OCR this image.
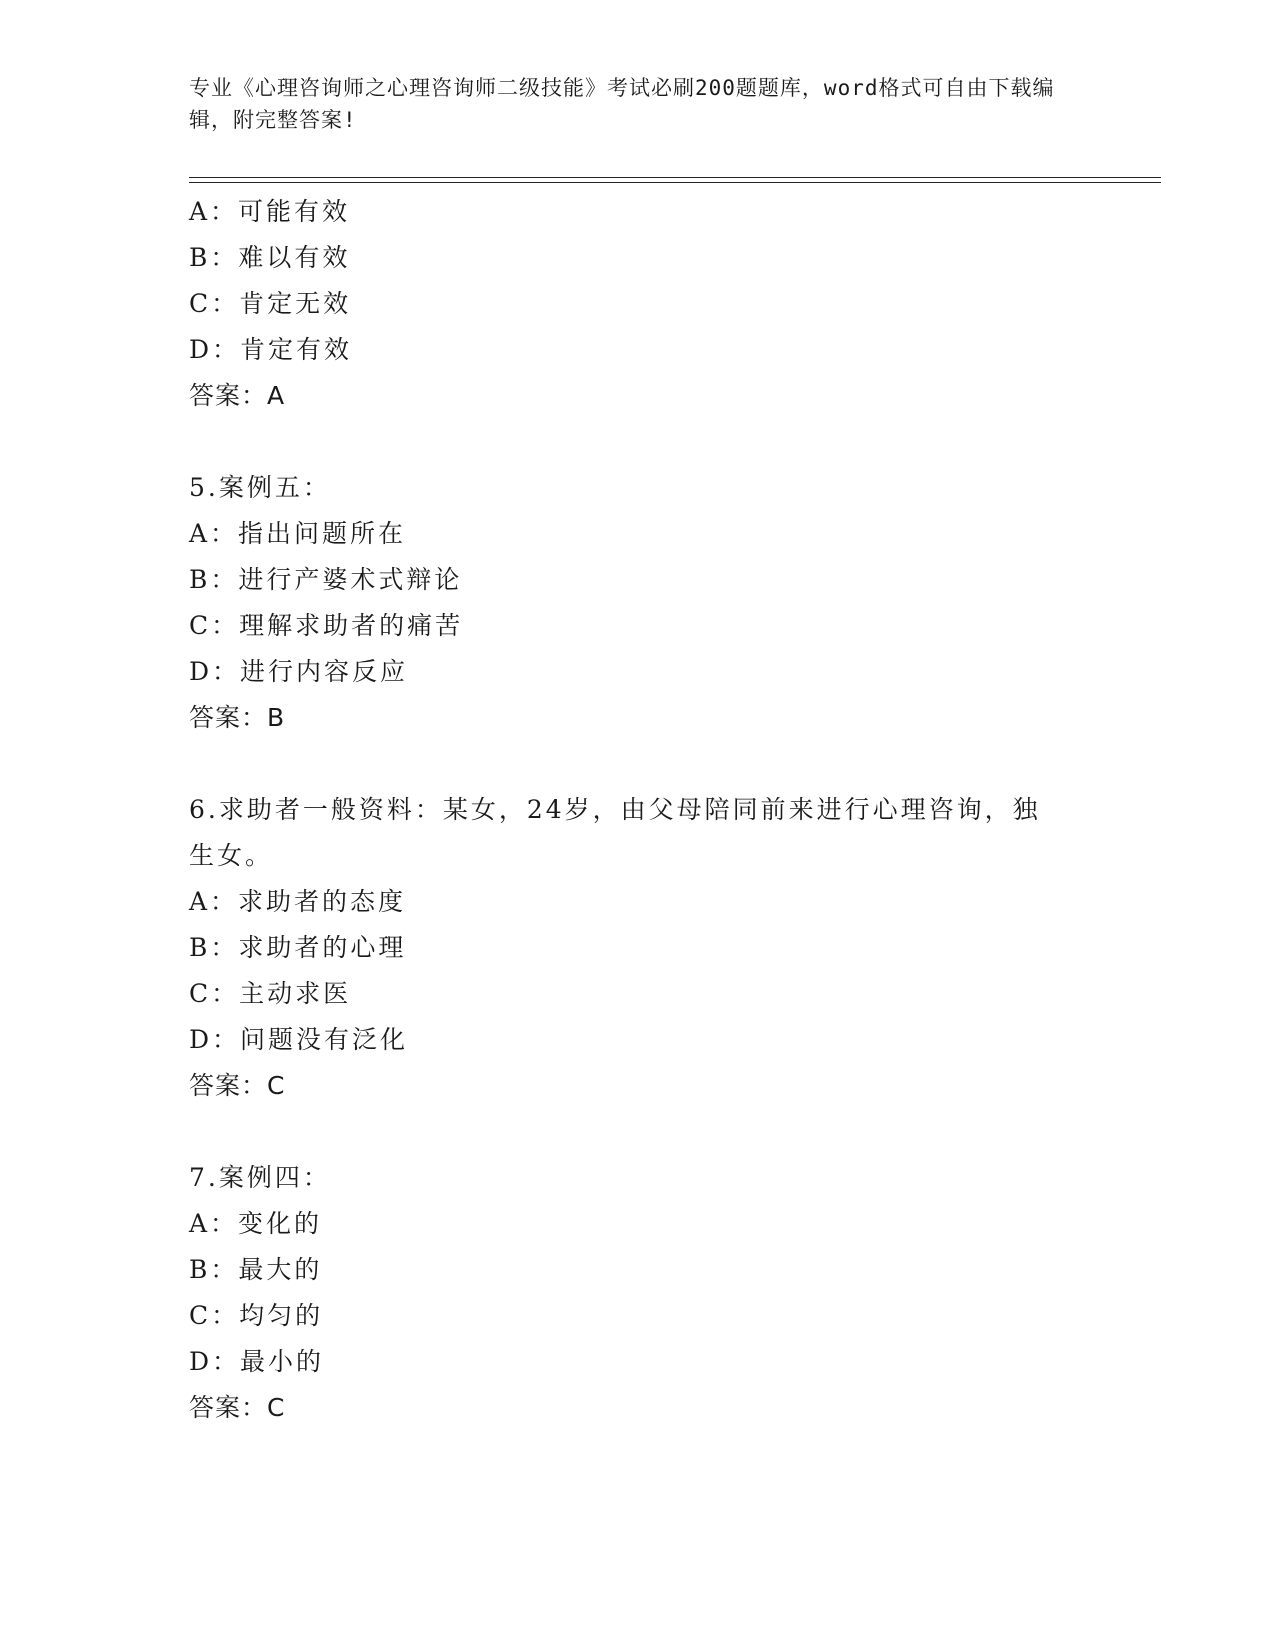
专业《心理咨询师之心理咨询师二级技能》考试必刷200题题库，word格式可自由下载编辑，附完整答案!
A：可能有效
B：难以有效
C：肯定无效
D：肯定有效
答案：A
5.案例五：
A：指出问题所在
B：进行产婆术式辩论
C：理解求助者的痛苦
D：进行内容反应
答案：B
6.求助者一般资料：某女，24岁，由父母陪同前来进行心理咨询，独
生女。
A：求助者的态度
B：求助者的心理
C：主动求医
D：问题没有泛化
答案：C
7.案例四：
A：变化的
B：最大的
C：均匀的
D：最小的
答案：C
